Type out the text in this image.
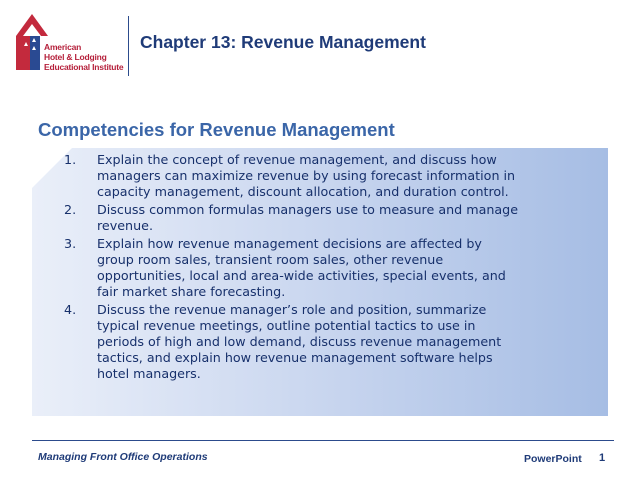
American
Hotel & Lodging
Educational Institute
Chapter 13: Revenue Management
Competencies for Revenue Management
1. Explain the concept of revenue management, and discuss how
managers can maximize revenue by using forecast information in
capacity management, discount allocation, and duration control.
2. Discuss common formulas managers use to measure and manage
revenue.
3. Explain how revenue management decisions are affected by
group room sales, transient room sales, other revenue
opportunities, local and area-wide activities, special events, and
fair market share forecasting.
4. Discuss the revenue manager’s role and position, summarize
typical revenue meetings, outline potential tactics to use in
periods of high and low demand, discuss revenue management
tactics, and explain how revenue management software helps
hotel managers.
Managing Front Office Operations	PowerPoint 1
